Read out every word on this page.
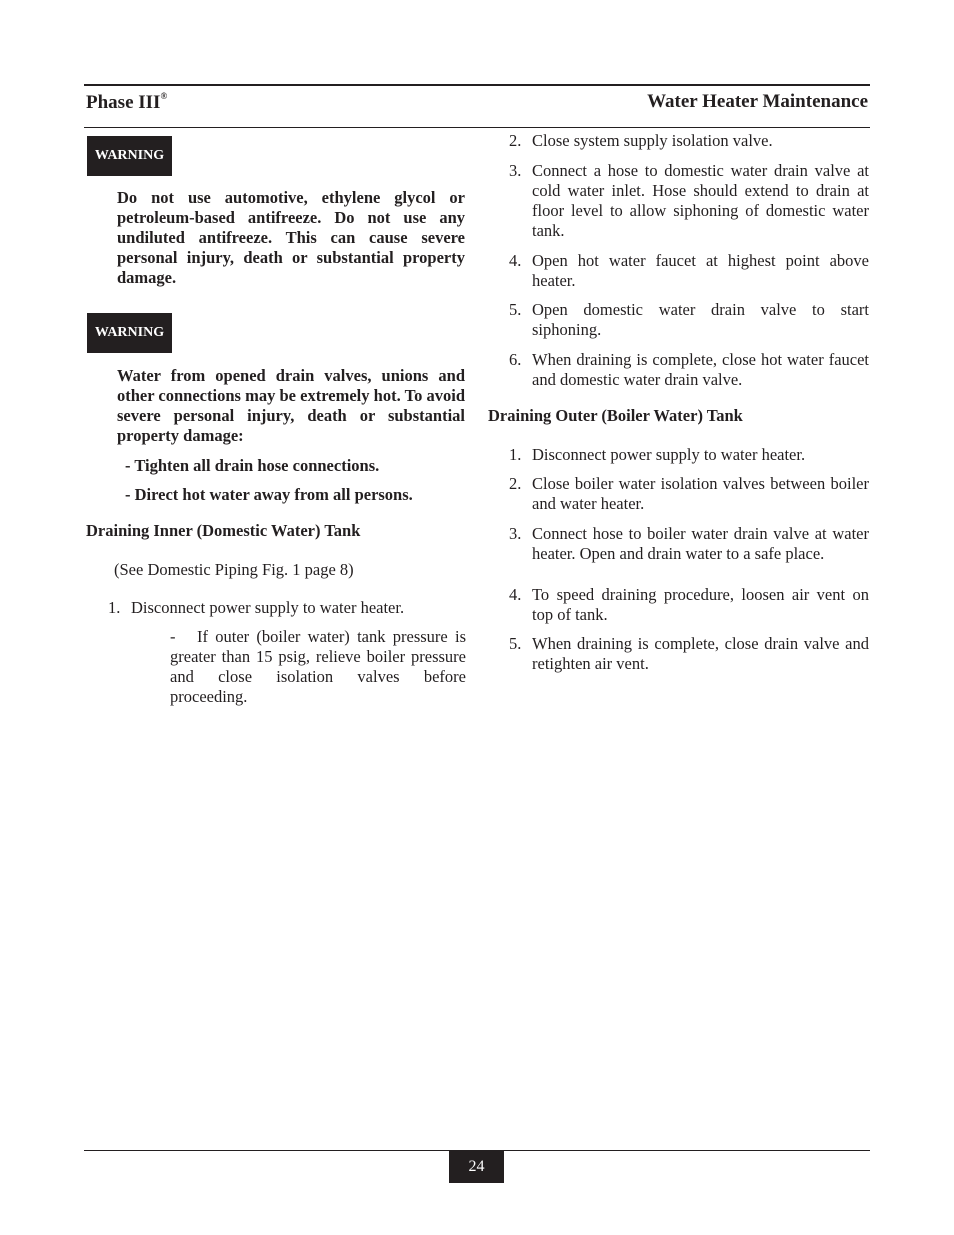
Phase III®	Water Heater Maintenance
WARNING
Do not use automotive, ethylene glycol or petroleum-based antifreeze. Do not use any undiluted antifreeze. This can cause severe personal injury, death or substantial property damage.
WARNING
Water from opened drain valves, unions and other connections may be extremely hot. To avoid severe personal injury, death or substantial property damage:
- Tighten all drain hose connections.
- Direct hot water away from all persons.
Draining Inner (Domestic Water) Tank
(See Domestic Piping Fig. 1 page 8)
1. Disconnect power supply to water heater.
- If outer (boiler water) tank pressure is greater than 15 psig, relieve boiler pressure and close isolation valves before proceeding.
2. Close system supply isolation valve.
3. Connect a hose to domestic water drain valve at cold water inlet. Hose should extend to drain at floor level to allow siphoning of domestic water tank.
4. Open hot water faucet at highest point above heater.
5. Open domestic water drain valve to start siphoning.
6. When draining is complete, close hot water faucet and domestic water drain valve.
Draining Outer (Boiler Water) Tank
1. Disconnect power supply to water heater.
2. Close boiler water isolation valves between boiler and water heater.
3. Connect hose to boiler water drain valve at water heater. Open and drain water to a safe place.
4. To speed draining procedure, loosen air vent on top of tank.
5. When draining is complete, close drain valve and retighten air vent.
24
